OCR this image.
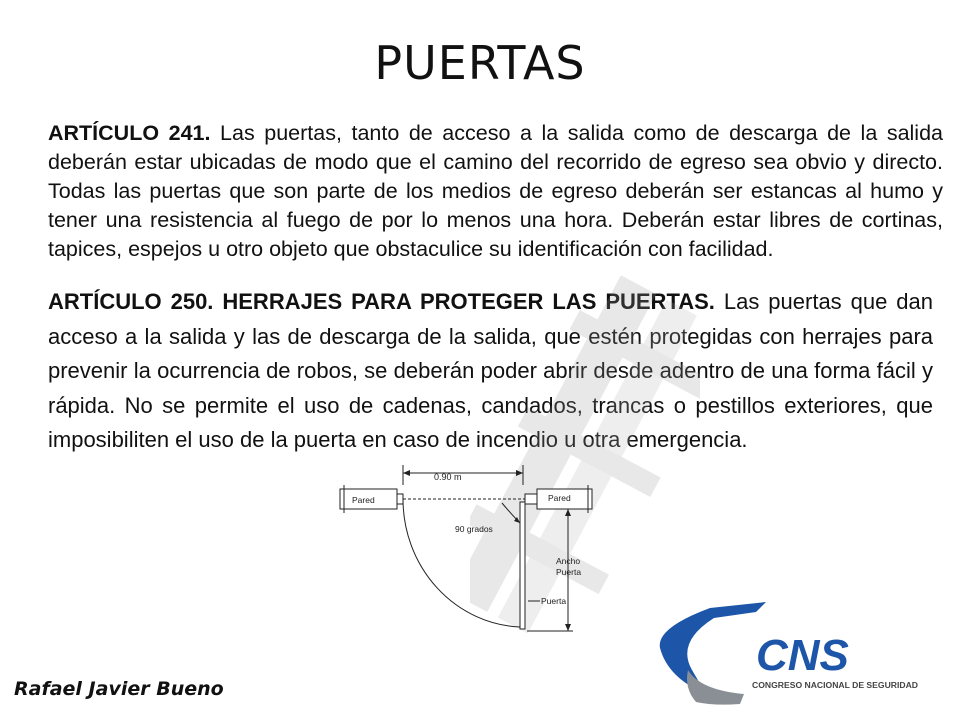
PUERTAS
ARTÍCULO 241. Las puertas, tanto de acceso a la salida como de descarga de la salida deberán estar ubicadas de modo que el camino del recorrido de egreso sea obvio y directo. Todas las puertas que son parte de los medios de egreso deberán ser estancas al humo y tener una resistencia al fuego de por lo menos una hora. Deberán estar libres de cortinas, tapices, espejos u otro objeto que obstaculice su identificación con facilidad.
ARTÍCULO 250. HERRAJES PARA PROTEGER LAS PUERTAS. Las puertas que dan acceso a la salida y las de descarga de la salida, que estén protegidas con herrajes para prevenir la ocurrencia de robos, se deberán poder abrir desde adentro de una forma fácil y rápida. No se permite el uso de cadenas, candados, trancas o pestillos exteriores, que imposibiliten el uso de la puerta en caso de incendio u otra emergencia.
0.90 m
Pared	Pared
90 grados
Ancho
Puerta
Puerta
Rafael Javier Bueno
CNS
CONGRESO NACIONAL DE SEGURIDAD
